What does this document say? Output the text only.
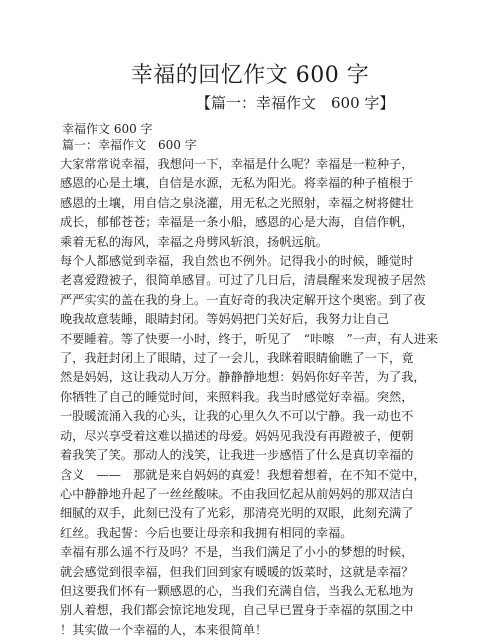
幸福的回忆作文 600 字
【篇一：幸福作文　600 字】
幸福作文 600 字
篇一：幸福作文　600 字

大家常常说幸福，我想问一下，幸福是什么呢？幸福是一粒种子，
感恩的心是土壤，自信是水源，无私为阳光。将幸福的种子植根于
感恩的土壤，用自信之泉浇灌，用无私之光照射，幸福之树将健壮
成长，郁郁苍苍；幸福是一条小船，感恩的心是大海，自信作帆，
乘着无私的海风，幸福之舟劈风斩浪，扬帆远航。

每个人都感觉到幸福，我自然也不例外。记得我小的时候，睡觉时
老喜爱蹬被子，很简单感冒。可过了几日后，清晨醒来发现被子居然
严严实实的盖在我的身上。一直好奇的我决定解开这个奥密。到了夜
晚我故意装睡，眼睛封闭。等妈妈把门关好后，我努力让自己
不要睡着。等了快要一小时，终于，听见了　“咔嚓　”一声，有人进来
了，我赶封闭上了眼睛，过了一会儿，我眯着眼睛偷瞧了一下，竟
然是妈妈，这让我动人万分。静静静地想：妈妈你好辛苦，为了我，
你牺牲了自己的睡觉时间，来照料我。我当时感觉好幸福。突然，
一股暖流涌入我的心头，让我的心里久久不可以宁静。我一动也不
动，尽兴享受着这难以描述的母爱。妈妈见我没有再蹬被子，便朝
着我笑了笑。那动人的浅笑，让我进一步感悟了什么是真切幸福的
含义　——　那就是来自妈妈的真爱！我想着想着，在不知不觉中，
心中静静地升起了一丝丝酸味。不由我回忆起从前妈妈的那双洁白
细腻的双手，此刻已没有了光彩，那清亮光明的双眼，此刻充满了
红丝。我起誓：今后也要让母亲和我拥有相同的幸福。

幸福有那么遥不行及吗？不是，当我们满足了小小的梦想的时候，
就会感觉到很幸福，但我们回到家有暖暖的饭菜时，这就是幸福？
但这要我们怀有一颗感恩的心，当我们充满自信，当我么无私地为
别人着想，我们都会惊诧地发现，自己早已置身于幸福的氛围之中
！其实做一个幸福的人，本来很简单！
